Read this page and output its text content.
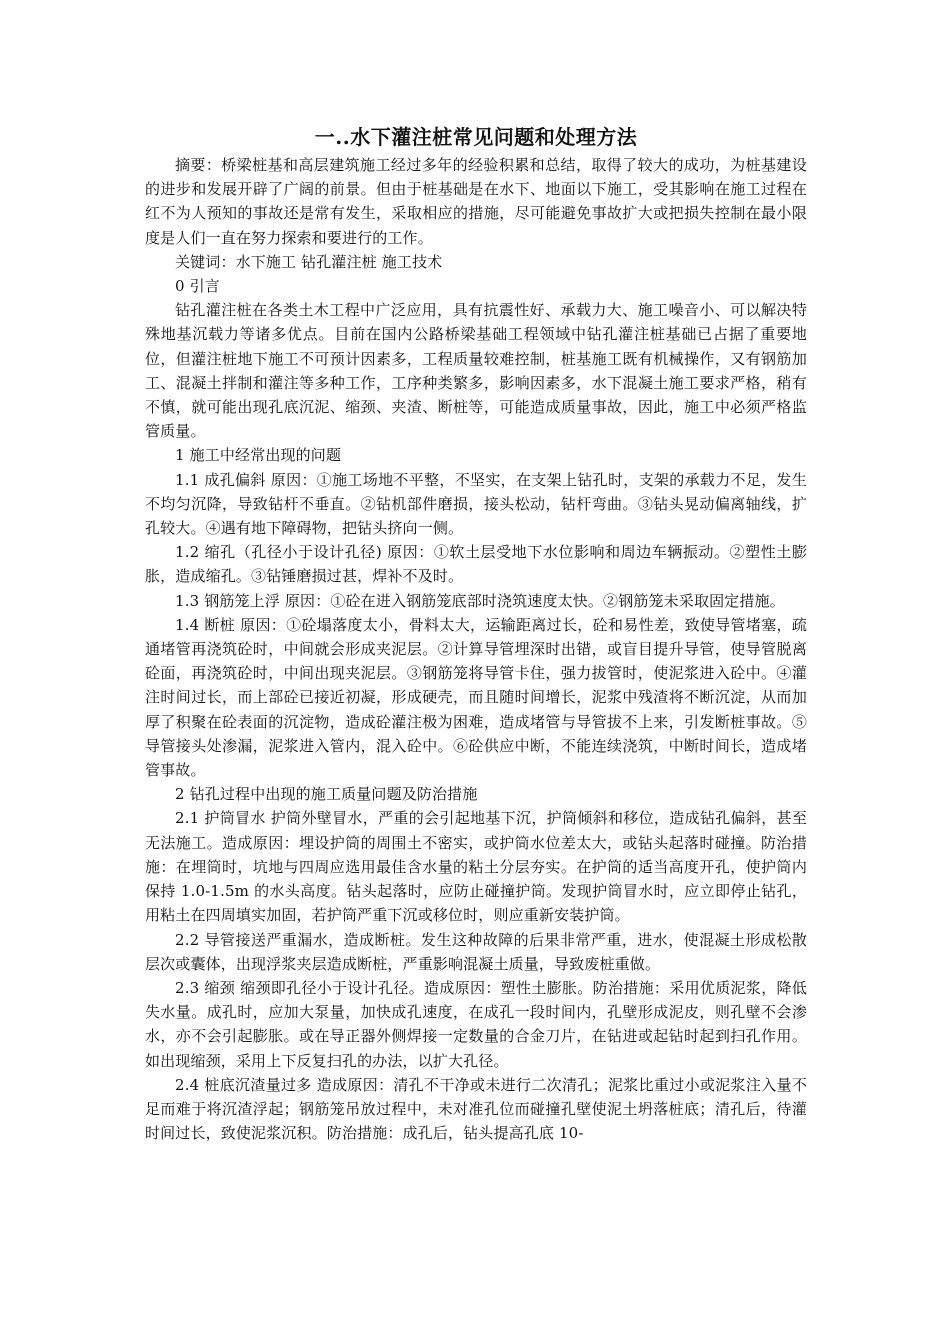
一..水下灌注桩常见问题和处理方法

摘要：桥梁桩基和高层建筑施工经过多年的经验积累和总结，取得了较大的成功，为桩基建设的进步和发展开辟了广阔的前景。但由于桩基础是在水下、地面以下施工，受其影响在施工过程在红不为人预知的事故还是常有发生，采取相应的措施，尽可能避免事故扩大或把损失控制在最小限度是人们一直在努力探索和要进行的工作。

关键词：水下施工 钻孔灌注桩 施工技术

0 引言

钻孔灌注桩在各类土木工程中广泛应用，具有抗震性好、承载力大、施工噪音小、可以解决特殊地基沉载力等诸多优点。目前在国内公路桥梁基础工程领域中钻孔灌注桩基础已占据了重要地位，但灌注桩地下施工不可预计因素多，工程质量较难控制，桩基施工既有机械操作，又有钢筋加工、混凝土拌制和灌注等多种工作，工序种类繁多，影响因素多，水下混凝土施工要求严格，稍有不慎，就可能出现孔底沉泥、缩颈、夹渣、断桩等，可能造成质量事故，因此，施工中必须严格监管质量。

1 施工中经常出现的问题

1.1 成孔偏斜 原因：①施工场地不平整，不坚实，在支架上钻孔时，支架的承载力不足，发生不均匀沉降，导致钻杆不垂直。②钻机部件磨损，接头松动，钻杆弯曲。③钻头晃动偏离轴线，扩孔较大。④遇有地下障碍物，把钻头挤向一侧。

1.2 缩孔（孔径小于设计孔径) 原因：①软土层受地下水位影响和周边车辆振动。②塑性土膨胀，造成缩孔。③钻锤磨损过甚，焊补不及时。

1.3 钢筋笼上浮 原因：①砼在进入钢筋笼底部时浇筑速度太快。②钢筋笼未采取固定措施。

1.4 断桩 原因：①砼塌落度太小，骨料太大，运输距离过长，砼和易性差，致使导管堵塞，疏通堵管再浇筑砼时，中间就会形成夹泥层。②计算导管埋深时出错，或盲目提升导管，使导管脱离砼面，再浇筑砼时，中间出现夹泥层。③钢筋笼将导管卡住，强力拔管时，使泥浆进入砼中。④灌注时间过长，而上部砼已接近初凝，形成硬壳，而且随时间增长，泥浆中残渣将不断沉淀，从而加厚了积聚在砼表面的沉淀物，造成砼灌注极为困难，造成堵管与导管拔不上来，引发断桩事故。⑤导管接头处渗漏，泥浆进入管内，混入砼中。⑥砼供应中断，不能连续浇筑，中断时间长，造成堵管事故。

2 钻孔过程中出现的施工质量问题及防治措施

2.1 护筒冒水 护筒外壁冒水，严重的会引起地基下沉，护筒倾斜和移位，造成钻孔偏斜，甚至无法施工。造成原因：埋设护筒的周围土不密实，或护筒水位差太大，或钻头起落时碰撞。防治措施：在埋筒时，坑地与四周应选用最佳含水量的粘土分层夯实。在护筒的适当高度开孔，使护筒内保持 1.0-1.5m 的水头高度。钻头起落时，应防止碰撞护筒。发现护筒冒水时，应立即停止钻孔，用粘土在四周填实加固，若护筒严重下沉或移位时，则应重新安装护筒。

2.2 导管接送严重漏水，造成断桩。发生这种故障的后果非常严重，进水，使混凝土形成松散层次或囊体，出现浮浆夹层造成断桩，严重影响混凝土质量，导致废桩重做。

2.3 缩颈 缩颈即孔径小于设计孔径。造成原因：塑性土膨胀。防治措施：采用优质泥浆，降低失水量。成孔时，应加大泵量，加快成孔速度，在成孔一段时间内，孔壁形成泥皮，则孔壁不会渗水，亦不会引起膨胀。或在导正器外侧焊接一定数量的合金刀片，在钻进或起钻时起到扫孔作用。如出现缩颈，采用上下反复扫孔的办法，以扩大孔径。

2.4 桩底沉渣量过多 造成原因：清孔不干净或未进行二次清孔；泥浆比重过小或泥浆注入量不足而难于将沉渣浮起；钢筋笼吊放过程中，未对准孔位而碰撞孔壁使泥土坍落桩底；清孔后，待灌时间过长，致使泥浆沉积。防治措施：成孔后，钻头提高孔底 10-
